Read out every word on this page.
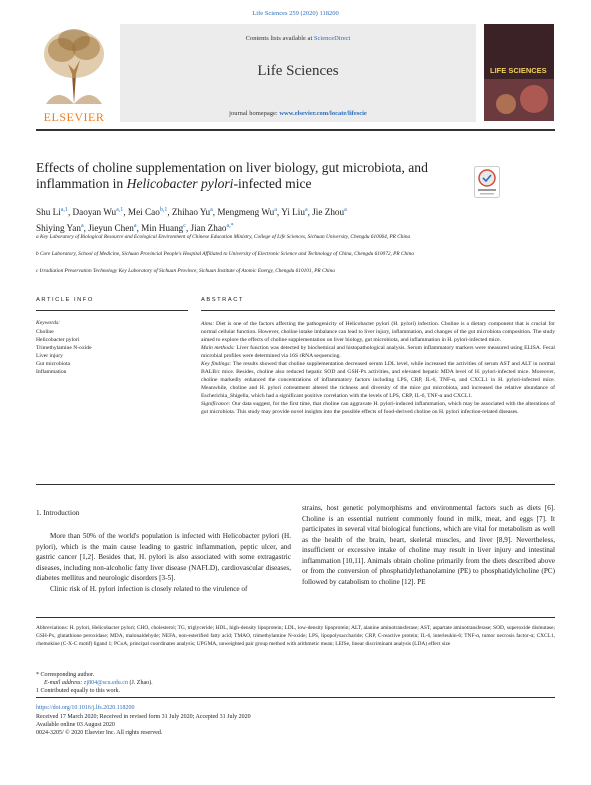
Life Sciences 259 (2020) 118200
ELSEVIER
Contents lists available at ScienceDirect
Life Sciences
journal homepage: www.elsevier.com/locate/lifescie
LIFE SCIENCES
Effects of choline supplementation on liver biology, gut microbiota, and inflammation in Helicobacter pylori-infected mice
Shu Li$^{a,1}$, Daoyan Wu$^{a,1}$, Mei Cao$^{b,1}$, Zhihao Yu$^a$, Mengmeng Wu$^a$, Yi Liu$^a$, Jie Zhou$^a$
Shiying Yan$^a$, Jieyun Chen$^a$, Min Huang$^c$, Jian Zhao$^{a,*}$
a Key Laboratory of Biological Resource and Ecological Environment of Chinese Education Ministry, College of Life Sciences, Sichuan University, Chengdu 610064, PR China
b Core Laboratory, School of Medicine, Sichuan Provincial People's Hospital Affiliated to University of Electronic Science and Technology of China, Chengdu 610072, PR China
c Irradiation Preservation Technology Key Laboratory of Sichuan Province, Sichuan Institute of Atomic Energy, Chengdu 610101, PR China
ARTICLE INFO	ABSTRACT
Keywords:
Choline
Helicobacter pylori
Trimethylamine N-oxide
Liver injury
Gut microbiota
Inflammation
Aims: Diet is one of the factors affecting the pathogenicity of Helicobacter pylori (H. pylori) infection. Choline is a dietary component that is crucial for normal cellular function. However, choline intake imbalance can lead to liver injury, inflammation, and changes of the gut microbiota composition. The study aimed to explore the effects of choline supplementation on liver biology, gut microbiota, and inflammation in H. pylori-infected mice.
Main methods: Liver function was detected by biochemical and histopathological analysis. Serum inflammatory markers were measured using ELISA. Fecal microbial profiles were determined via 16S rRNA sequencing.
Key findings: The results showed that choline supplementation decreased serum LDL level, while increased the activities of serum AST and ALT in normal BALB/c mice. Besides, choline also reduced hepatic SOD and GSH-Px activities, and elevated hepatic MDA level of H. pylori-infected mice. Moreover, choline markedly enhanced the concentrations of inflammatory factors including LPS, CRP, IL-6, TNF-α, and CXCL1 in H. pylori-infected mice. Meanwhile, choline and H. pylori cotreatment altered the richness and diversity of the mice gut microbiota, and increased the relative abundance of Escherichia_Shigella, which had a significant positive correlation with the levels of LPS, CRP, IL-6, TNF-α and CXCL1.
Significance: Our data suggest, for the first time, that choline can aggravate H. pylori-induced inflammation, which may be associated with the alterations of gut microbiota. This study may provide novel insights into the possible effects of food-derived choline on H. pylori infection-related diseases.
1. Introduction
More than 50% of the world's population is infected with Helicobacter pylori (H. pylori), which is the main cause leading to gastric inflammation, peptic ulcer, and gastric cancer [1,2]. Besides that, H. pylori is also associated with some extragastric diseases, including non-alcoholic fatty liver disease (NAFLD), cardiovascular diseases, diabetes mellitus and neurologic disorders [3-5].
Clinic risk of H. pylori infection is closely related to the virulence of
strains, host genetic polymorphisms and environmental factors such as diets [6]. Choline is an essential nutrient commonly found in milk, meat, and eggs [7]. It participates in several vital biological functions, which are vital for metabolism as well as the health of the brain, heart, skeletal muscles, and liver [8,9]. Nevertheless, insufficient or excessive intake of choline may result in liver injury and intestinal inflammation [10,11]. Animals obtain choline primarily from the diets described above or from the conversion of phosphatidylethanolamine (PE) to phosphatidylcholine (PC) followed by catabolism to choline [12]. PE
Abbreviations: H. pylori, Helicobacter pylori; CHO, cholesterol; TG, triglyceride; HDL, high-density lipoprotein; LDL, low-density lipoprotein; ALT, alanine aminotransferase; AST, aspartate aminotransferase; SOD, superoxide dismutase; GSH-Px, glutathione peroxidase; MDA, malonaldehyde; NEFA, non-esterified fatty acid; TMAO, trimethylamine N-oxide; LPS, lipopolysaccharide; CRP, C-reactive protein; IL-6, interleukin-6; TNF-α, tumor necrosis factor-α; CXCL1, chemokine (C-X-C motif) ligand 1; PCoA, principal coordinates analysis; UPGMA, unweighted pair group method with arithmetic mean; LEfSe, linear discriminant analysis (LDA) effect size
* Corresponding author.
E-mail address: zj804@scu.edu.cn (J. Zhao).
1 Contributed equally to this work.
https://doi.org/10.1016/j.lfs.2020.118200
Received 17 March 2020; Received in revised form 31 July 2020; Accepted 31 July 2020
Available online 03 August 2020
0024-3205/ © 2020 Elsevier Inc. All rights reserved.
